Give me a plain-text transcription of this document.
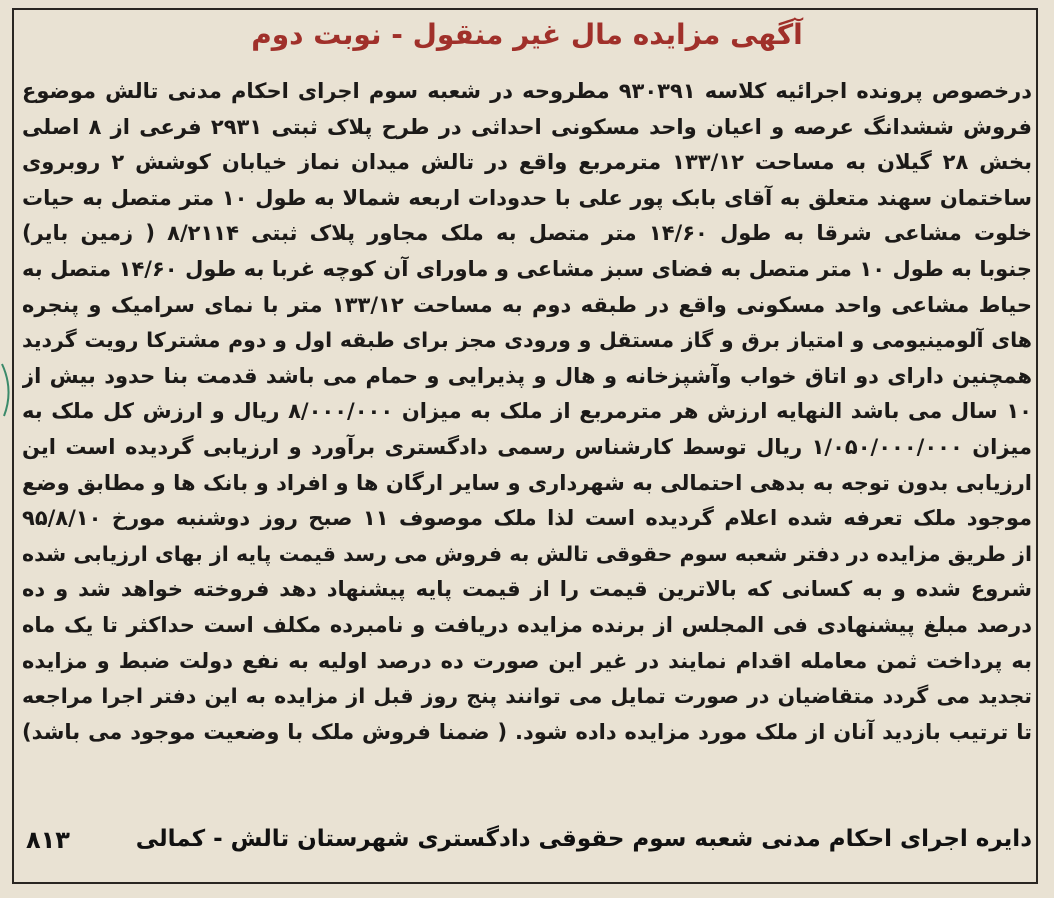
آگهی مزایده مال غیر منقول - نوبت دوم
درخصوص پرونده اجرائیه کلاسه ۹۳۰۳۹۱ مطروحه در شعبه سوم اجرای احکام مدنی تالش موضوع
فروش ششدانگ عرصه و اعیان واحد مسکونی احداثی در طرح پلاک ثبتی ۲۹۳۱ فرعی از ۸ اصلی
بخش ۲۸ گیلان به مساحت ۱۳۳/۱۲ مترمربع واقع در تالش میدان نماز خیابان کوشش ۲ روبروی
ساختمان سهند متعلق به آقای بابک پور علی با حدودات اربعه شمالا به طول ۱۰ متر متصل به حیات
خلوت مشاعی شرقا به طول ۱۴/۶۰ متر متصل به ملک مجاور پلاک ثبتی ۸/۲۱۱۴ ( زمین بایر)
جنوبا به طول ۱۰ متر متصل به فضای سبز مشاعی و ماورای آن کوچه غربا به طول ۱۴/۶۰ متصل به
حیاط مشاعی واحد مسکونی واقع در طبقه دوم به مساحت ۱۳۳/۱۲ متر با نمای سرامیک و پنجره
های آلومینیومی و امتیاز برق و گاز مستقل و ورودی مجز برای طبقه اول و دوم مشترکا رویت گردید
همچنین دارای دو اتاق خواب وآشپزخانه و هال و پذیرایی و حمام می باشد قدمت بنا حدود بیش از
۱۰ سال می باشد النهایه ارزش هر مترمربع از ملک به میزان ۸/۰۰۰/۰۰۰ ریال و ارزش کل ملک به
میزان ۱/۰۵۰/۰۰۰/۰۰۰ ریال توسط کارشناس رسمی دادگستری برآورد و ارزیابی گردیده است این
ارزیابی بدون توجه به بدهی احتمالی به شهرداری و سایر ارگان ها و افراد و بانک ها و مطابق وضع
موجود ملک تعرفه شده اعلام گردیده است لذا ملک موصوف ۱۱ صبح روز دوشنبه مورخ ۹۵/۸/۱۰
از طریق مزایده در دفتر شعبه سوم حقوقی تالش به فروش می رسد قیمت پایه از بهای ارزیابی شده
شروع شده و به کسانی که بالاترین قیمت را از قیمت پایه پیشنهاد دهد فروخته خواهد شد و ده
درصد مبلغ پیشنهادی فی المجلس از برنده مزایده دریافت و نامبرده مکلف است حداکثر تا یک ماه
به پرداخت ثمن معامله اقدام نمایند در غیر این صورت ده درصد اولیه به نفع دولت ضبط و مزایده
تجدید می گردد متقاضیان در صورت تمایل می توانند پنج روز قبل از مزایده به این دفتر اجرا مراجعه
تا ترتیب بازدید آنان از ملک مورد مزایده داده شود. ( ضمنا فروش ملک با وضعیت موجود می باشد)
دایره اجرای احکام مدنی شعبه سوم حقوقی دادگستری شهرستان تالش - کمالی
۸۱۳
